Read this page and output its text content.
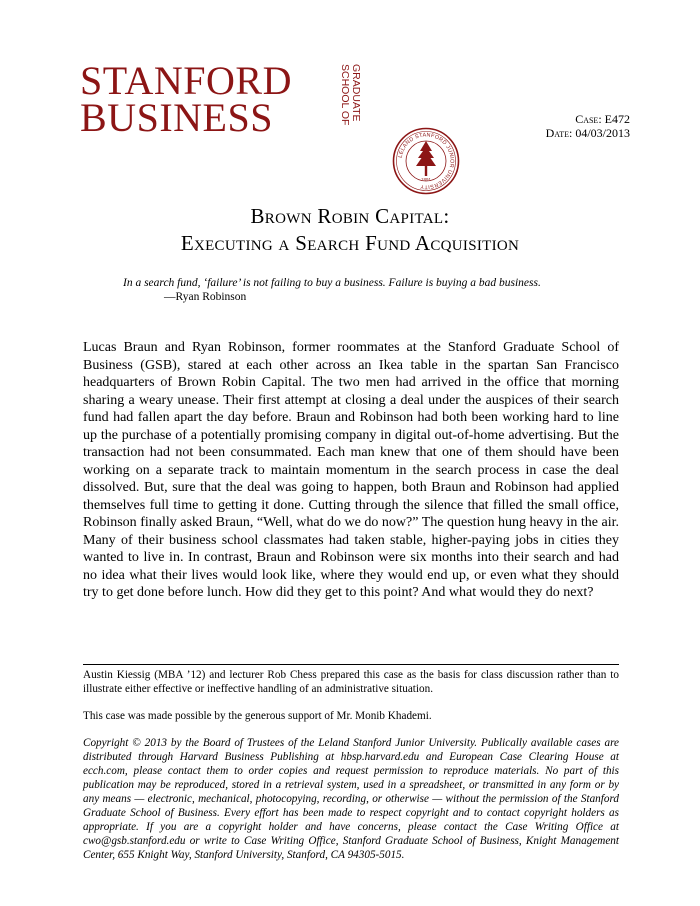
STANFORD
BUSINESS	GRADUATE
SCHOOL OF
LELAND STANFORD JUNIOR UNIVERSITY
1891
Case: E472
Date: 04/03/2013
Brown Robin Capital:
Executing a Search Fund Acquisition
In a search fund, ‘failure’ is not failing to buy a business. Failure is buying a bad business.
—Ryan Robinson
Lucas Braun and Ryan Robinson, former roommates at the Stanford Graduate School of Business (GSB), stared at each other across an Ikea table in the spartan San Francisco headquarters of Brown Robin Capital. The two men had arrived in the office that morning sharing a weary unease. Their first attempt at closing a deal under the auspices of their search fund had fallen apart the day before. Braun and Robinson had both been working hard to line up the purchase of a potentially promising company in digital out-of-home advertising. But the transaction had not been consummated. Each man knew that one of them should have been working on a separate track to maintain momentum in the search process in case the deal dissolved. But, sure that the deal was going to happen, both Braun and Robinson had applied themselves full time to getting it done. Cutting through the silence that filled the small office, Robinson finally asked Braun, “Well, what do we do now?” The question hung heavy in the air. Many of their business school classmates had taken stable, higher-paying jobs in cities they wanted to live in. In contrast, Braun and Robinson were six months into their search and had no idea what their lives would look like, where they would end up, or even what they should try to get done before lunch. How did they get to this point? And what would they do next?
Austin Kiessig (MBA ’12) and lecturer Rob Chess prepared this case as the basis for class discussion rather than to illustrate either effective or ineffective handling of an administrative situation.
This case was made possible by the generous support of Mr. Monib Khademi.
Copyright © 2013 by the Board of Trustees of the Leland Stanford Junior University. Publically available cases are distributed through Harvard Business Publishing at hbsp.harvard.edu and European Case Clearing House at ecch.com, please contact them to order copies and request permission to reproduce materials. No part of this publication may be reproduced, stored in a retrieval system, used in a spreadsheet, or transmitted in any form or by any means — electronic, mechanical, photocopying, recording, or otherwise — without the permission of the Stanford Graduate School of Business. Every effort has been made to respect copyright and to contact copyright holders as appropriate. If you are a copyright holder and have concerns, please contact the Case Writing Office at cwo@gsb.stanford.edu or write to Case Writing Office, Stanford Graduate School of Business, Knight Management Center, 655 Knight Way, Stanford University, Stanford, CA 94305-5015.
